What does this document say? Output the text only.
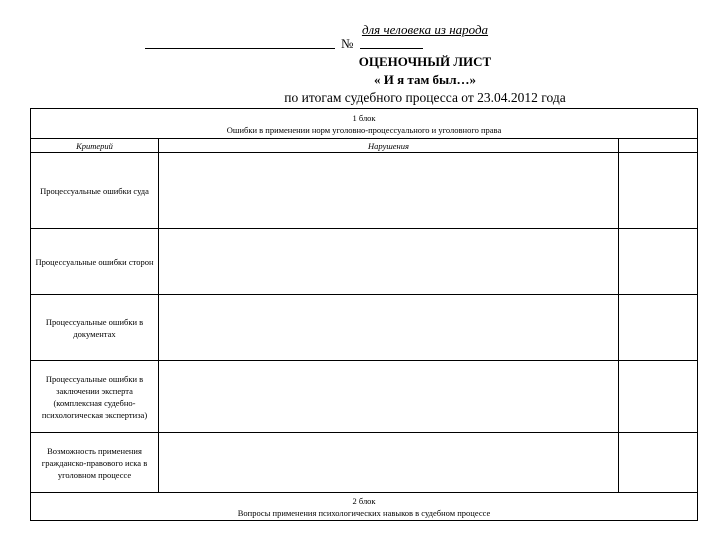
для человека из народа
№
ОЦЕНОЧНЫЙ ЛИСТ
« И я там был…»
по итогам судебного процесса от 23.04.2012 года
1 блок
Ошибки в применении норм уголовно-процессуального и уголовного права		

Критерий	Нарушения	
Процессуальные ошибки суда		
Процессуальные ошибки сторон		
Процессуальные ошибки в документах		
Процессуальные ошибки в заключении эксперта (комплексная судебно-психологическая экспертиза)		
Возможность применения гражданско-правового иска в уголовном процессе		

2 блок
Вопросы применения психологических навыков в судебном процессе		
